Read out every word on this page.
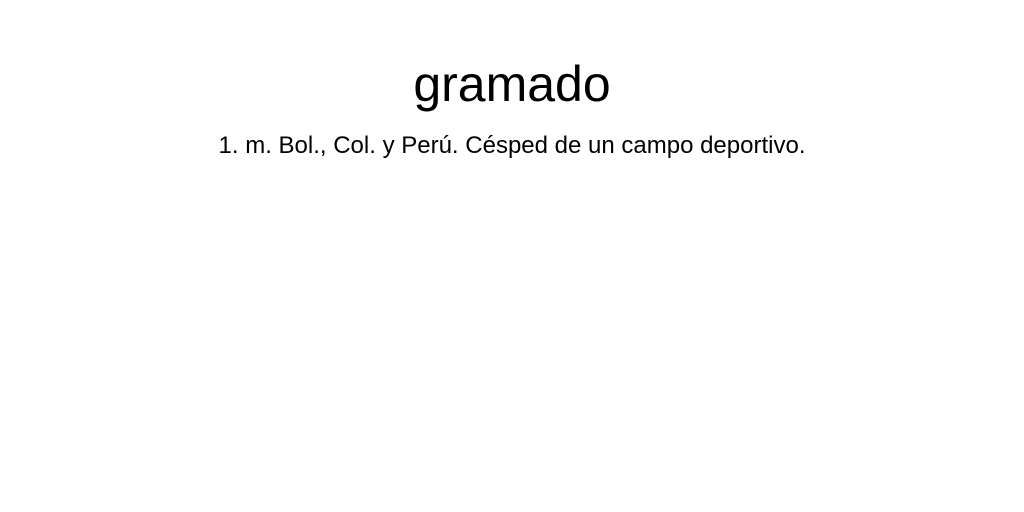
gramado

1. m. Bol., Col. y Perú. Césped de un campo deportivo.
